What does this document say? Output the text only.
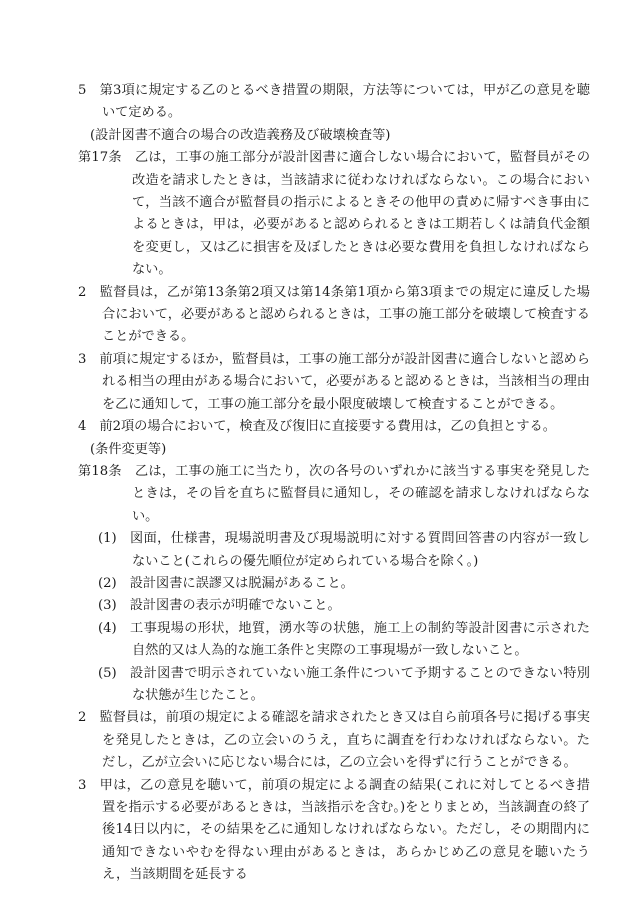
5 第3項に規定する乙のとるべき措置の期限，方法等については，甲が乙の意見を聴いて定める。

(設計図書不適合の場合の改造義務及び破壊検査等)

第17条 乙は，工事の施工部分が設計図書に適合しない場合において，監督員がその改造を請求したときは，当該請求に従わなければならない。この場合において，当該不適合が監督員の指示によるときその他甲の責めに帰すべき事由によるときは，甲は，必要があると認められるときは工期若しくは請負代金額を変更し，又は乙に損害を及ぼしたときは必要な費用を負担しなければならない。

2 監督員は，乙が第13条第2項又は第14条第1項から第3項までの規定に違反した場合において，必要があると認められるときは，工事の施工部分を破壊して検査することができる。

3 前項に規定するほか，監督員は，工事の施工部分が設計図書に適合しないと認められる相当の理由がある場合において，必要があると認めるときは，当該相当の理由を乙に通知して，工事の施工部分を最小限度破壊して検査することができる。

4 前2項の場合において，検査及び復旧に直接要する費用は，乙の負担とする。

(条件変更等)

第18条 乙は，工事の施工に当たり，次の各号のいずれかに該当する事実を発見したときは，その旨を直ちに監督員に通知し，その確認を請求しなければならない。

(1) 図面，仕様書，現場説明書及び現場説明に対する質問回答書の内容が一致しないこと(これらの優先順位が定められている場合を除く。)

(2) 設計図書に誤謬又は脱漏があること。

(3) 設計図書の表示が明確でないこと。

(4) 工事現場の形状，地質，湧水等の状態，施工上の制約等設計図書に示された自然的又は人為的な施工条件と実際の工事現場が一致しないこと。

(5) 設計図書で明示されていない施工条件について予期することのできない特別な状態が生じたこと。

2 監督員は，前項の規定による確認を請求されたとき又は自ら前項各号に掲げる事実を発見したときは，乙の立会いのうえ，直ちに調査を行わなければならない。ただし，乙が立会いに応じない場合には，乙の立会いを得ずに行うことができる。

3 甲は，乙の意見を聴いて，前項の規定による調査の結果(これに対してとるべき措置を指示する必要があるときは，当該指示を含む。)をとりまとめ，当該調査の終了後14日以内に，その結果を乙に通知しなければならない。ただし，その期間内に通知できないやむを得ない理由があるときは，あらかじめ乙の意見を聴いたうえ，当該期間を延長する
